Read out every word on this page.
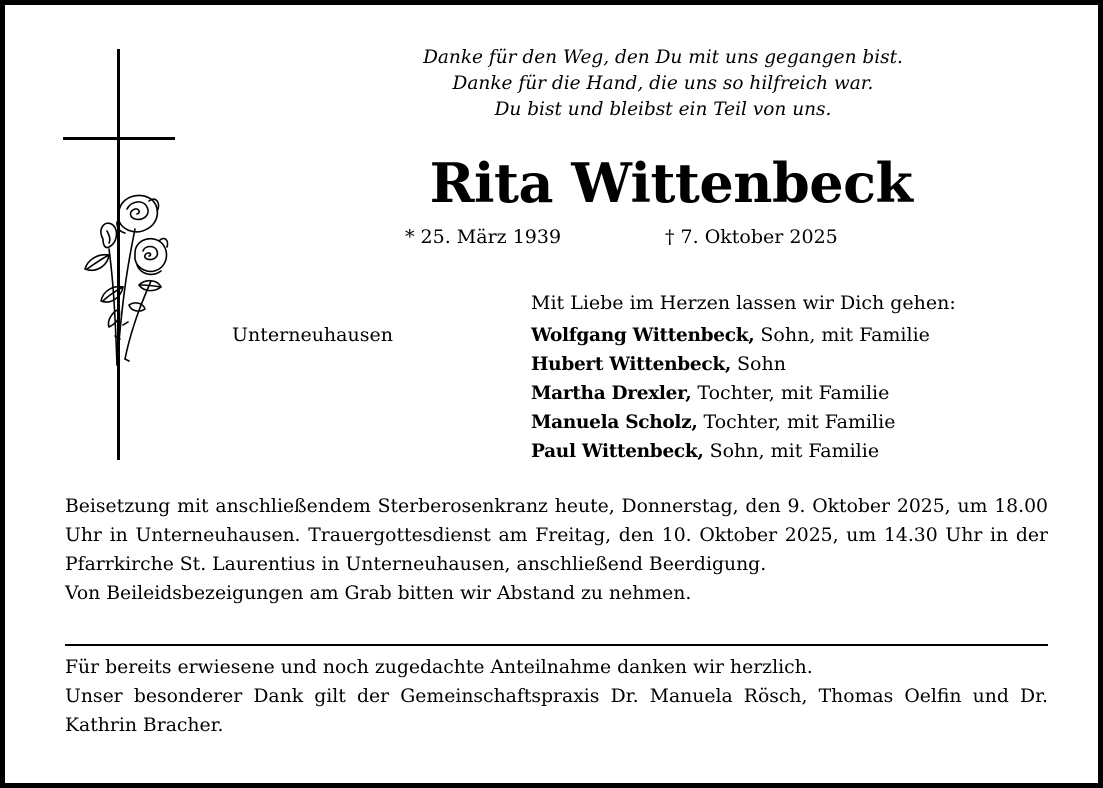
Danke für den Weg, den Du mit uns gegangen bist.
Danke für die Hand, die uns so hilfreich war.
Du bist und bleibst ein Teil von uns.
Rita Wittenbeck
* 25. März 1939	† 7. Oktober 2025
Mit Liebe im Herzen lassen wir Dich gehen:
Unterneuhausen	Wolfgang Wittenbeck, Sohn, mit Familie
Hubert Wittenbeck, Sohn
Martha Drexler, Tochter, mit Familie
Manuela Scholz, Tochter, mit Familie
Paul Wittenbeck, Sohn, mit Familie

Beisetzung mit anschließendem Sterberosenkranz heute, Donnerstag, den 9. Oktober 2025, um 18.00 Uhr in Unterneuhausen. Trauergottesdienst am Freitag, den 10. Oktober 2025, um 14.30 Uhr in der Pfarrkirche St. Laurentius in Unterneuhausen, anschließend Beerdigung.

Von Beileidsbezeigungen am Grab bitten wir Abstand zu nehmen.

Für bereits erwiesene und noch zugedachte Anteilnahme danken wir herzlich.

Unser besonderer Dank gilt der Gemeinschaftspraxis Dr. Manuela Rösch, Thomas Oelfin und Dr. Kathrin Bracher.
